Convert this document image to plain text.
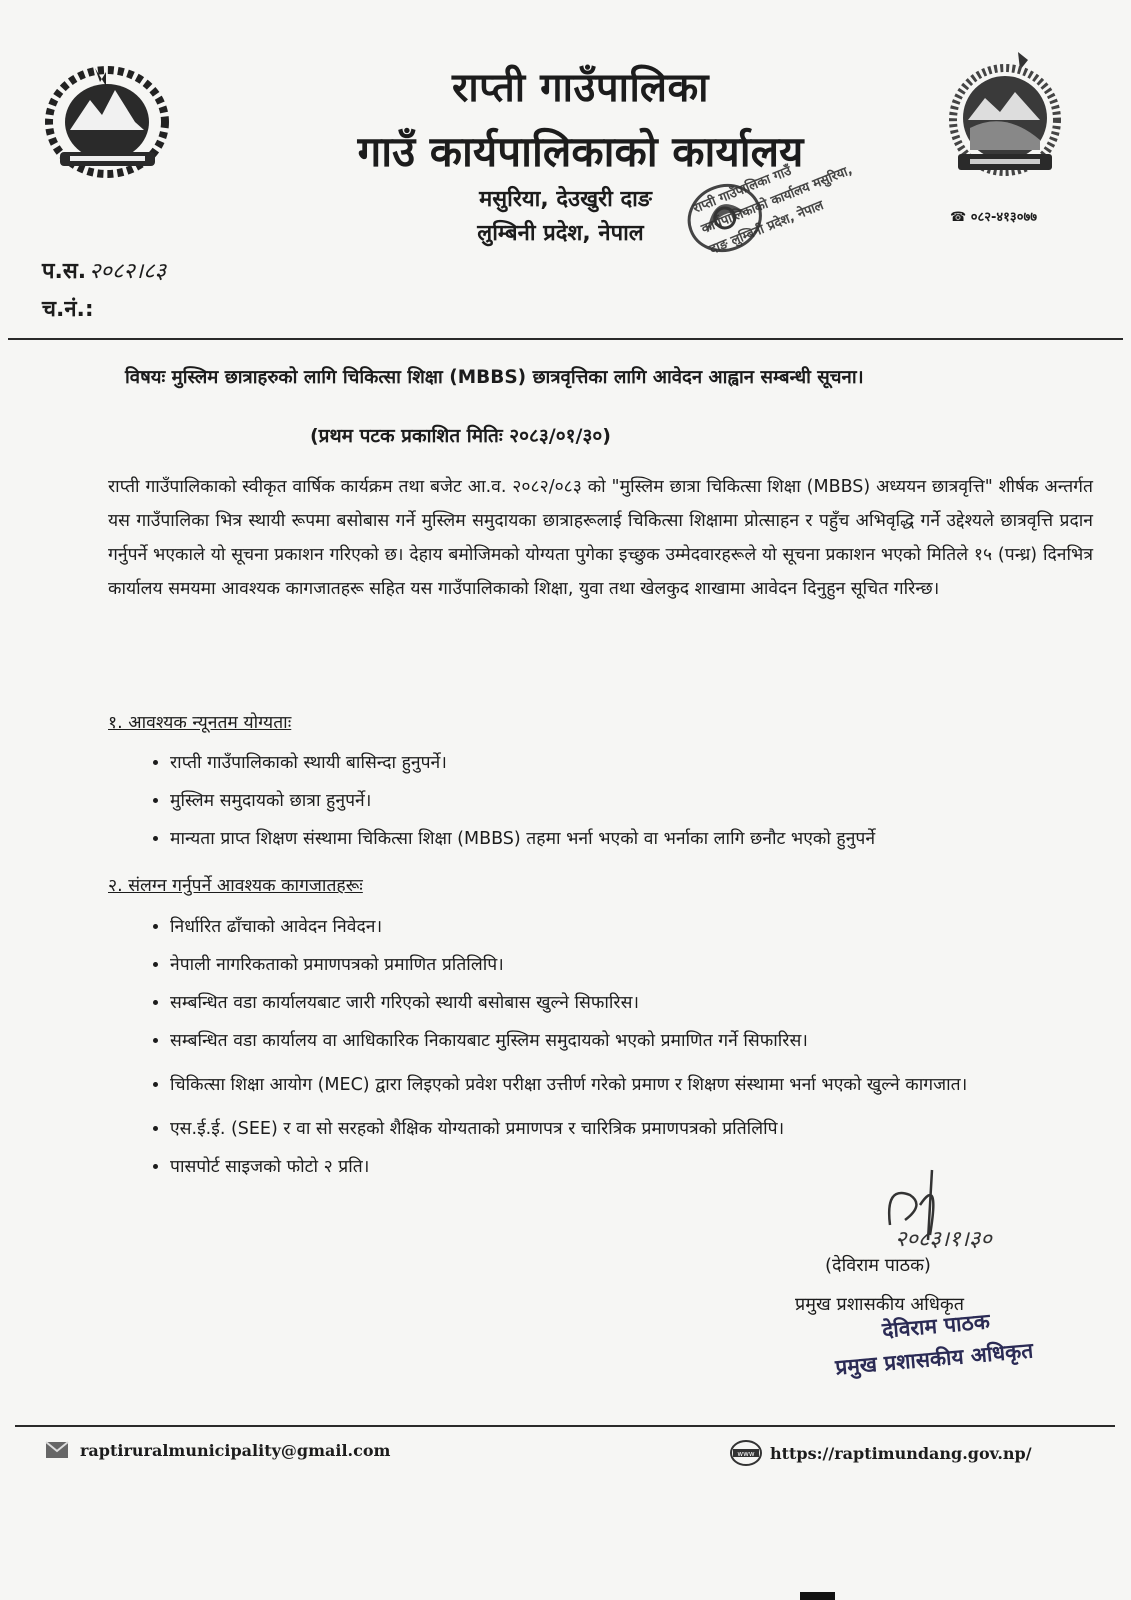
राप्ती गाउँपालिका
गाउँ कार्यपालिकाको कार्यालय
मसुरिया, देउखुरी दाङ
लुम्बिनी प्रदेश, नेपाल
☎ ०८२-४१३०७७
राप्ती गाउँपालिका गाउँ कार्यपालिकाको कार्यालय मसुरिया, दाङ लुम्बिनी प्रदेश, नेपाल
प.स. २०८२।८३
च.नं.:
विषयः मुस्लिम छात्राहरुको लागि चिकित्सा शिक्षा (MBBS) छात्रवृत्तिका लागि आवेदन आह्वान सम्बन्धी सूचना।
(प्रथम पटक प्रकाशित मितिः २०८३/०१/३०)
राप्ती गाउँपालिकाको स्वीकृत वार्षिक कार्यक्रम तथा बजेट आ.व. २०८२/०८३ को "मुस्लिम छात्रा चिकित्सा शिक्षा (MBBS) अध्ययन छात्रवृत्ति" शीर्षक अन्तर्गत यस गाउँपालिका भित्र स्थायी रूपमा बसोबास गर्ने मुस्लिम समुदायका छात्राहरूलाई चिकित्सा शिक्षामा प्रोत्साहन र पहुँच अभिवृद्धि गर्ने उद्देश्यले छात्रवृत्ति प्रदान गर्नुपर्ने भएकाले यो सूचना प्रकाशन गरिएको छ। देहाय बमोजिमको योग्यता पुगेका इच्छुक उम्मेदवारहरूले यो सूचना प्रकाशन भएको मितिले १५ (पन्ध्र) दिनभित्र कार्यालय समयमा आवश्यक कागजातहरू सहित यस गाउँपालिकाको शिक्षा, युवा तथा खेलकुद शाखामा आवेदन दिनुहुन सूचित गरिन्छ।
१. आवश्यक न्यूनतम योग्यताः
• राप्ती गाउँपालिकाको स्थायी बासिन्दा हुनुपर्ने।
• मुस्लिम समुदायको छात्रा हुनुपर्ने।
• मान्यता प्राप्त शिक्षण संस्थामा चिकित्सा शिक्षा (MBBS) तहमा भर्ना भएको वा भर्नाका लागि छनौट भएको हुनुपर्ने
२. संलग्न गर्नुपर्ने आवश्यक कागजातहरूः
• निर्धारित ढाँचाको आवेदन निवेदन।
• नेपाली नागरिकताको प्रमाणपत्रको प्रमाणित प्रतिलिपि।
• सम्बन्धित वडा कार्यालयबाट जारी गरिएको स्थायी बसोबास खुल्ने सिफारिस।
• सम्बन्धित वडा कार्यालय वा आधिकारिक निकायबाट मुस्लिम समुदायको भएको प्रमाणित गर्ने सिफारिस।
• चिकित्सा शिक्षा आयोग (MEC) द्वारा लिइएको प्रवेश परीक्षा उत्तीर्ण गरेको प्रमाण र शिक्षण संस्थामा भर्ना भएको खुल्ने कागजात।
• एस.ई.ई. (SEE) र वा सो सरहको शैक्षिक योग्यताको प्रमाणपत्र र चारित्रिक प्रमाणपत्रको प्रतिलिपि।
• पासपोर्ट साइजको फोटो २ प्रति।
२०८३।१।३०
(देविराम पाठक)
प्रमुख प्रशासकीय अधिकृत
देविराम पाठक
प्रमुख प्रशासकीय अधिकृत
raptiruralmunicipality@gmail.com	www https://raptimundang.gov.np/
